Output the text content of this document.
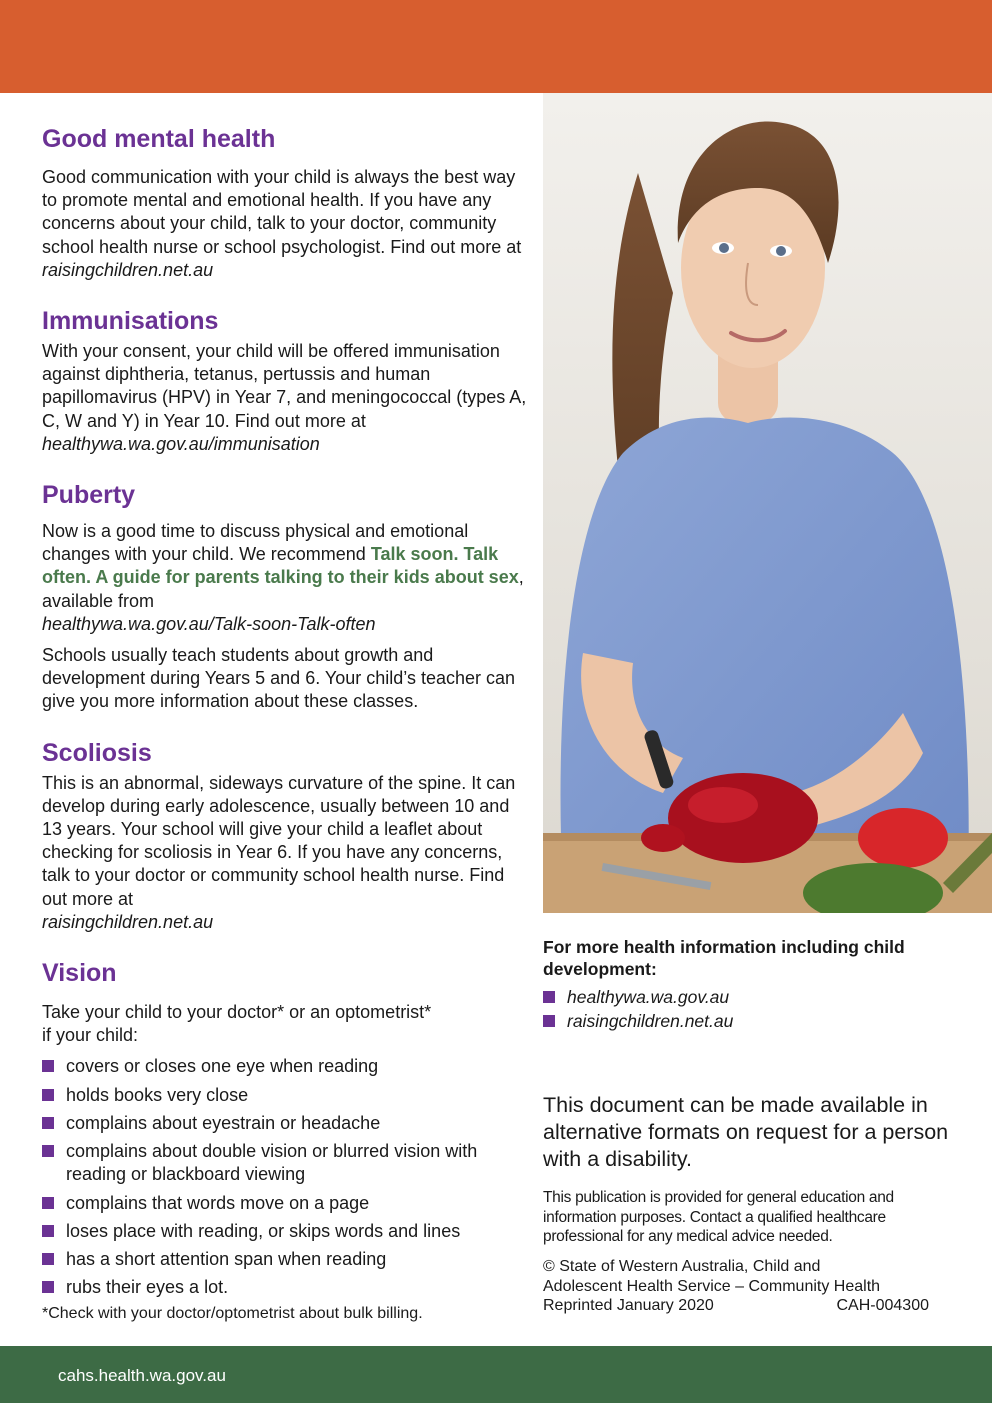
Good mental health

Good communication with your child is always the best way to promote mental and emotional health. If you have any concerns about your child, talk to your doctor, community school health nurse or school psychologist. Find out more at raisingchildren.net.au

Immunisations

With your consent, your child will be offered immunisation against diphtheria, tetanus, pertussis and human papillomavirus (HPV) in Year 7, and meningococcal (types A, C, W and Y) in Year 10. Find out more at healthywa.wa.gov.au/immunisation

Puberty

Now is a good time to discuss physical and emotional changes with your child. We recommend Talk soon. Talk often. A guide for parents talking to their kids about sex, available from
healthywa.wa.gov.au/Talk-soon-Talk-often

Schools usually teach students about growth and development during Years 5 and 6. Your child’s teacher can give you more information about these classes.

Scoliosis

This is an abnormal, sideways curvature of the spine. It can develop during early adolescence, usually between 10 and 13 years. Your school will give your child a leaflet about checking for scoliosis in Year 6. If you have any concerns, talk to your doctor or community school health nurse. Find out more at
raisingchildren.net.au

Vision

Take your child to your doctor* or an optometrist*
if your child:

covers or closes one eye when reading
holds books very close
complains about eyestrain or headache
complains about double vision or blurred vision with reading or blackboard viewing
complains that words move on a page
loses place with reading, or skips words and lines
has a short attention span when reading
rubs their eyes a lot.

*Check with your doctor/optometrist about bulk billing.

For more health information including child development:

healthywa.wa.gov.au
raisingchildren.net.au

This document can be made available in alternative formats on request for a person with a disability.

This publication is provided for general education and information purposes. Contact a qualified healthcare professional for any medical advice needed.

© State of Western Australia, Child and
Adolescent Health Service – Community Health
Reprinted January 2020	CAH-004300
cahs.health.wa.gov.au
